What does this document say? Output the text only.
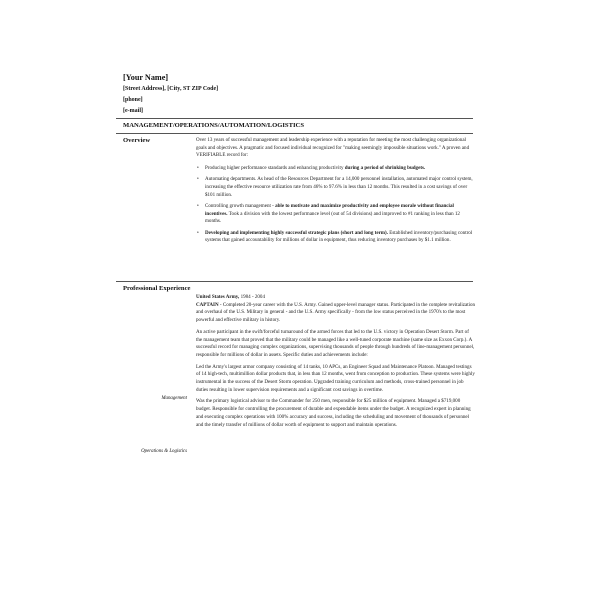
[Your Name]
[Street Address], [City, ST ZIP Code]
[phone]
[e-mail]
MANAGEMENT/OPERATIONS/AUTOMATION/LOGISTICS
Overview	Over 13 years of successful management and leadership experience with a reputation for meeting the most challenging organizational goals and objectives. A pragmatic and focused individual recognized for "making seemingly impossible situations work." A proven and VERIFIABLE record for:

• Producing higher performance standards and enhancing productivity during a period of shrinking budgets.
• Automating departments. As head of the Resources Department for a 14,000 personnel installation, automated major control system, increasing the effective resource utilization rate from 46% to 97.6% in less than 12 months. This resulted in a cost savings of over $101 million.
• Controlling growth management - able to motivate and maximize productivity and employee morale without financial incentives. Took a division with the lowest performance level (out of 54 divisions) and improved to #1 ranking in less than 12 months.
• Developing and implementing highly successful strategic plans (short and long term). Established inventory/purchasing control systems that gained accountability for millions of dollar in equipment, thus reducing inventory purchases by $1.1 million.
Professional Experience

United States Army, 1984 - 2004

CAPTAIN - Completed 20-year career with the U.S. Army. Gained upper-level manager status. Participated in the complete revitalization and overhaul of the U.S. Military in general - and the U.S. Army specifically - from the low status perceived in the 1970's to the most powerful and effective military in history.

An active participant in the swift/forceful turnaround of the armed forces that led to the U.S. victory in Operation Desert Storm. Part of the management team that proved that the military could be managed like a well-tuned corporate machine (same size as Exxon Corp.). A successful record for managing complex organizations, supervising thousands of people through hundreds of line-management personnel, responsible for millions of dollar in assets. Specific duties and achievements include:

Led the Army's largest armor company consisting of 14 tanks, 10 APCs, an Engineer Squad and Maintenance Platoon. Managed testings of 14 high-tech, multimillion dollar products that, in less than 12 months, went from conception to production. These systems were highly instrumental in the success of the Desert Storm operation. Upgraded training curriculum and methods, cross-trained personnel in job duties resulting in lower supervision requirements and a significant cost savings in overtime.

Was the primary logistical advisor to the Commander for 250 men, responsible for $25 million of equipment. Managed a $719,000 budget. Responsible for controlling the procurement of durable and expendable items under the budget. A recognized expert in planning and executing complex operations with 100% accuracy and success, including the scheduling and movement of thousands of personnel and the timely transfer of millions of dollar worth of equipment to support and maintain operations.

Management
Operations & Logistics
